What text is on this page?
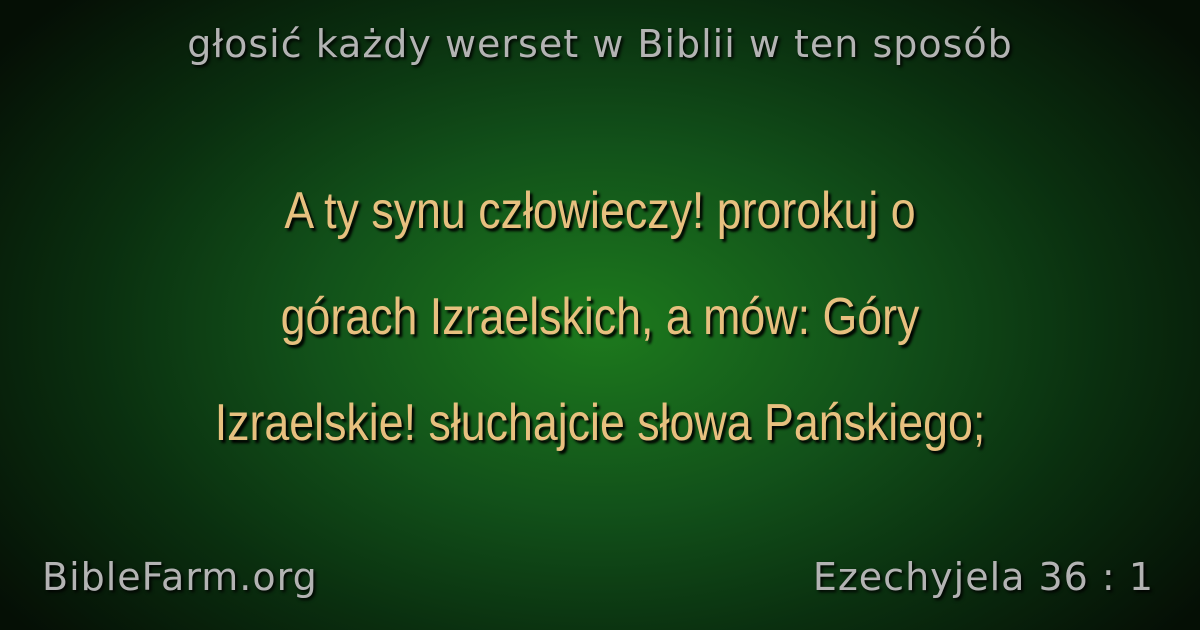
głosić każdy werset w Biblii w ten sposób
A ty synu człowieczy! prorokuj o
górach Izraelskich, a mów: Góry
Izraelskie! słuchajcie słowa Pańskiego;
BibleFarm.org	Ezechyjela 36 : 1
